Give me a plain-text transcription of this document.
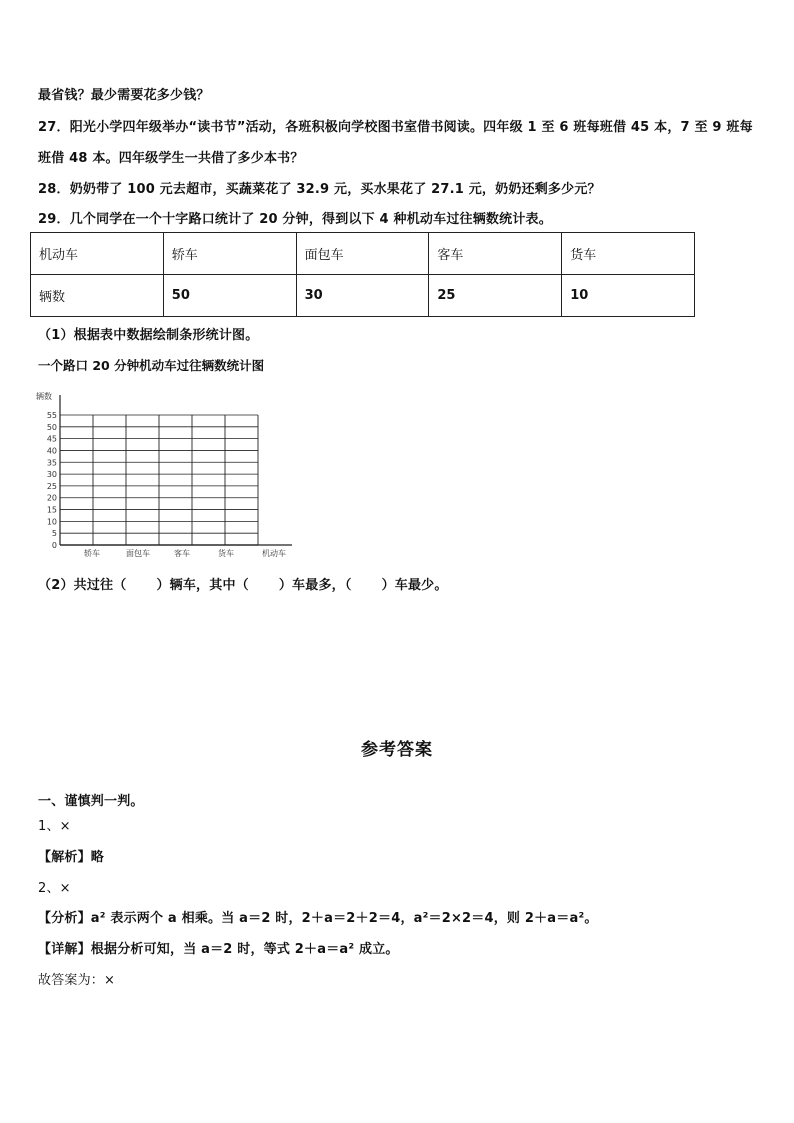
最省钱？最少需要花多少钱？
27．阳光小学四年级举办“读书节”活动，各班积极向学校图书室借书阅读。四年级 1 至 6 班每班借 45 本，7 至 9 班每
班借 48 本。四年级学生一共借了多少本书？
28．奶奶带了 100 元去超市，买蔬菜花了 32.9 元，买水果花了 27.1 元，奶奶还剩多少元？
29．几个同学在一个十字路口统计了 20 分钟，得到以下 4 种机动车过往辆数统计表。
机动车	轿车	面包车	客车	货车
辆数	50	30	25	10
（1）根据表中数据绘制条形统计图。
一个路口 20 分钟机动车过往辆数统计图
0
5
10
15
20
25
30
35
40
45
50
55
轿车	面包车	客车	货车
辆数
机动车
（2）共过往（ ）辆车，其中（ ）车最多，（ ）车最少。
参考答案
一、谨慎判一判。
1、×
【解析】略
2、×
【分析】a² 表示两个 a 相乘。当 a＝2 时，2＋a＝2＋2＝4，a²＝2×2＝4，则 2＋a＝a²。
【详解】根据分析可知，当 a＝2 时，等式 2＋a＝a² 成立。
故答案为：×
